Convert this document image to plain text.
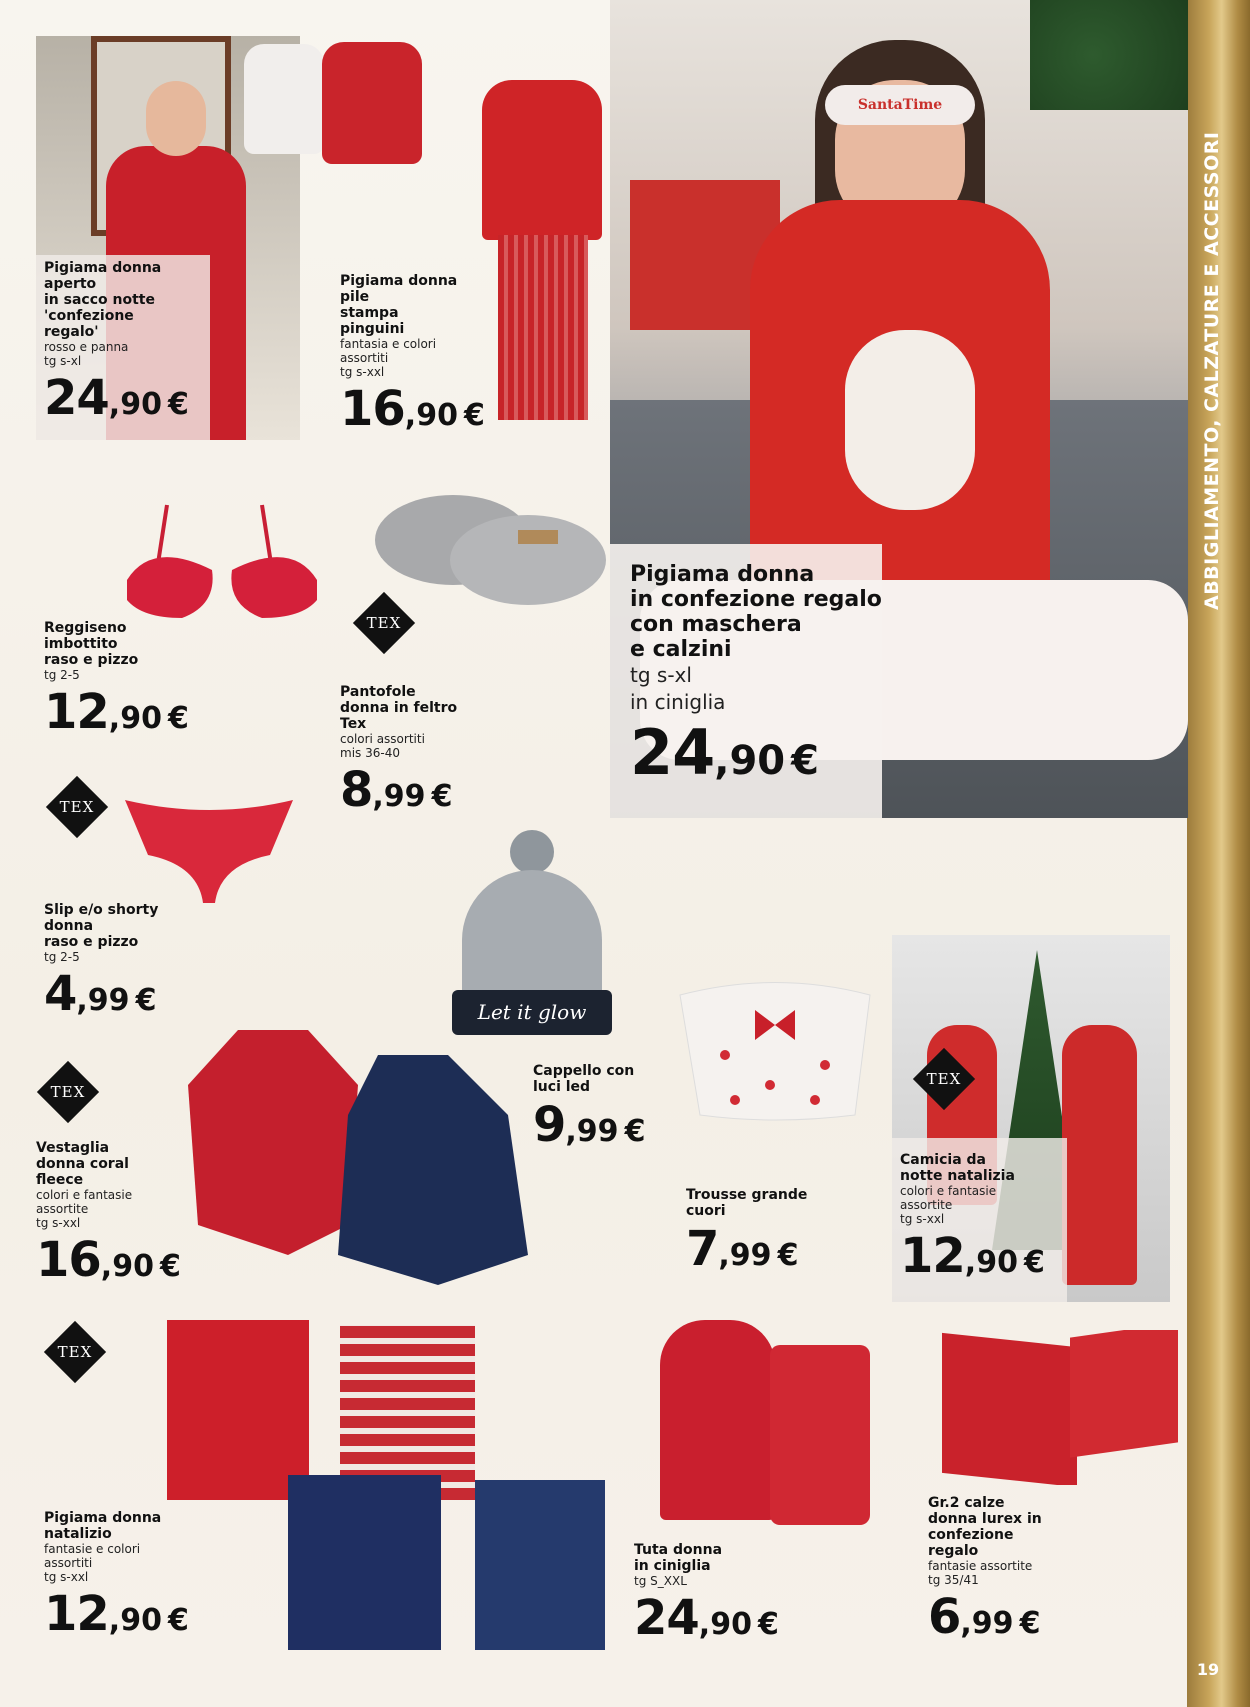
ABBIGLIAMENTO, CALZATURE E ACCESSORI
19
SantaTime
Pigiama donna
in confezione regalo
con maschera
e calzini
tg s-xl
in ciniglia
24,90 €
Pigiama donna
aperto
in sacco notte
'confezione
regalo'
rosso e panna
tg s-xl
24,90 €
Pigiama donna
pile
stampa
pinguini
fantasia e colori
assortiti
tg s-xxl
16,90 €
Reggiseno
imbottito
raso e pizzo
tg 2-5
12,90 €
TEX
Pantofole
donna in feltro
Tex
colori assortiti
mis 36-40
8,99 €
TEX
Slip e/o shorty
donna
raso e pizzo
tg 2-5
4,99 €	Let it glow
Cappello con
luci led
9,99 €
Trousse grande
cuori
7,99 €
TEX
Camicia da
notte natalizia
colori e fantasie
assortite
tg s-xxl
12,90 €
TEX
Vestaglia
donna coral
fleece
colori e fantasie
assortite
tg s-xxl
16,90 €
TEX
Pigiama donna
natalizio
fantasie e colori
assortiti
tg s-xxl
12,90 €
Tuta donna
in ciniglia
tg S_XXL
24,90 €
Gr.2 calze
donna lurex in
confezione
regalo
fantasie assortite
tg 35/41
6,99 €
